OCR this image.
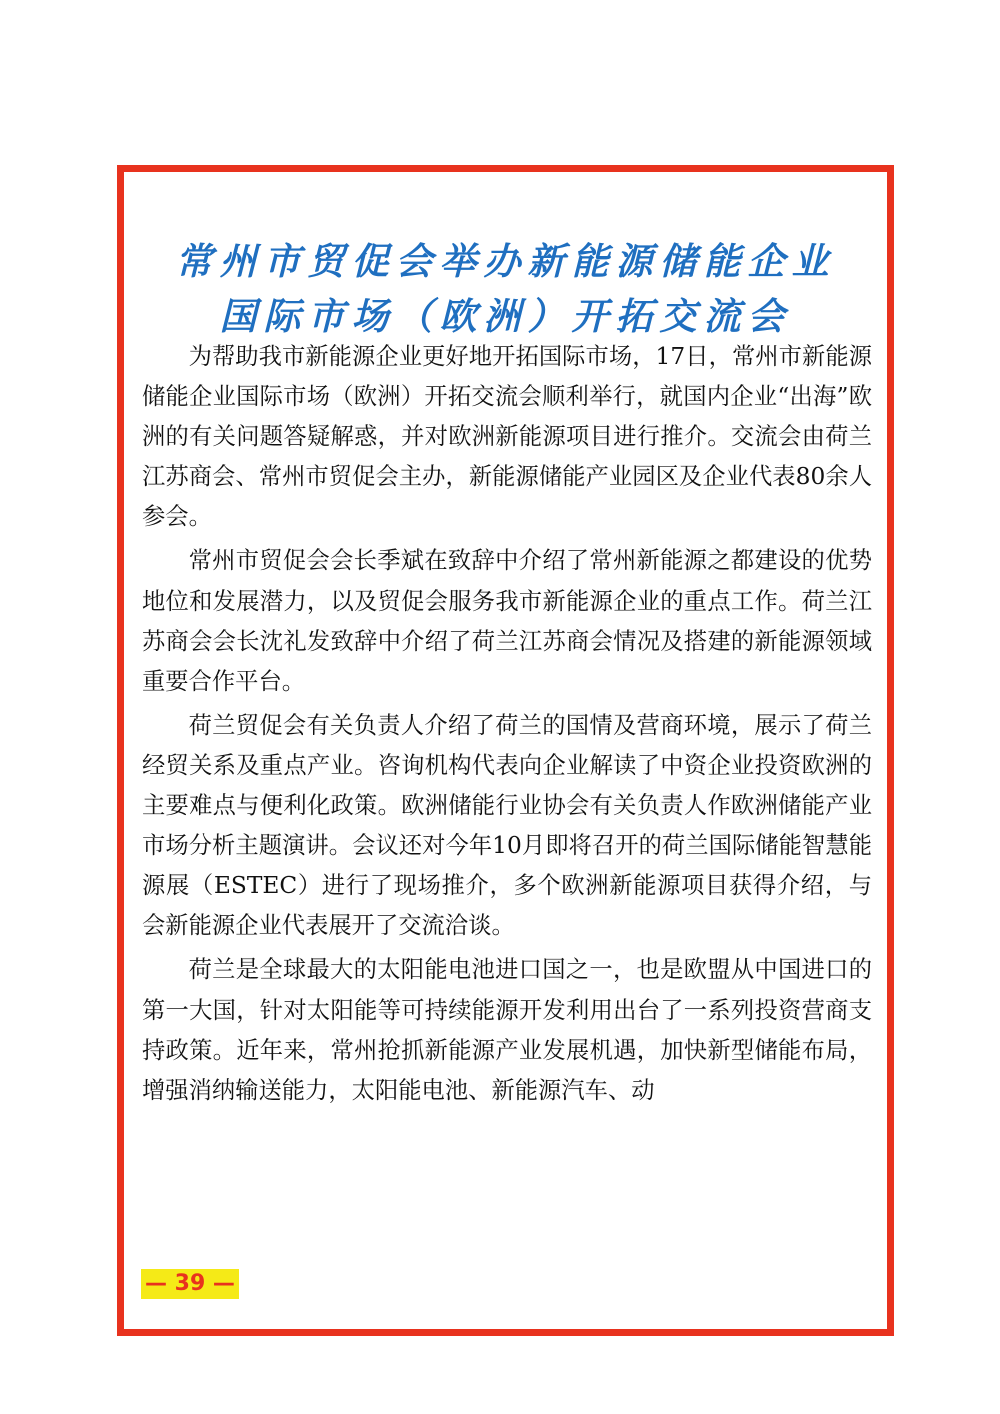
常州市贸促会举办新能源储能企业
国际市场（欧洲）开拓交流会

为帮助我市新能源企业更好地开拓国际市场，17日，常州市新能源储能企业国际市场（欧洲）开拓交流会顺利举行，就国内企业“出海”欧洲的有关问题答疑解惑，并对欧洲新能源项目进行推介。交流会由荷兰江苏商会、常州市贸促会主办，新能源储能产业园区及企业代表80余人参会。

常州市贸促会会长季斌在致辞中介绍了常州新能源之都建设的优势地位和发展潜力，以及贸促会服务我市新能源企业的重点工作。荷兰江苏商会会长沈礼发致辞中介绍了荷兰江苏商会情况及搭建的新能源领域重要合作平台。

荷兰贸促会有关负责人介绍了荷兰的国情及营商环境，展示了荷兰经贸关系及重点产业。咨询机构代表向企业解读了中资企业投资欧洲的主要难点与便利化政策。欧洲储能行业协会有关负责人作欧洲储能产业市场分析主题演讲。会议还对今年10月即将召开的荷兰国际储能智慧能源展（ESTEC）进行了现场推介，多个欧洲新能源项目获得介绍，与会新能源企业代表展开了交流洽谈。

荷兰是全球最大的太阳能电池进口国之一，也是欧盟从中国进口的第一大国，针对太阳能等可持续能源开发利用出台了一系列投资营商支持政策。近年来，常州抢抓新能源产业发展机遇，加快新型储能布局，增强消纳输送能力，太阳能电池、新能源汽车、动

— 39 —
